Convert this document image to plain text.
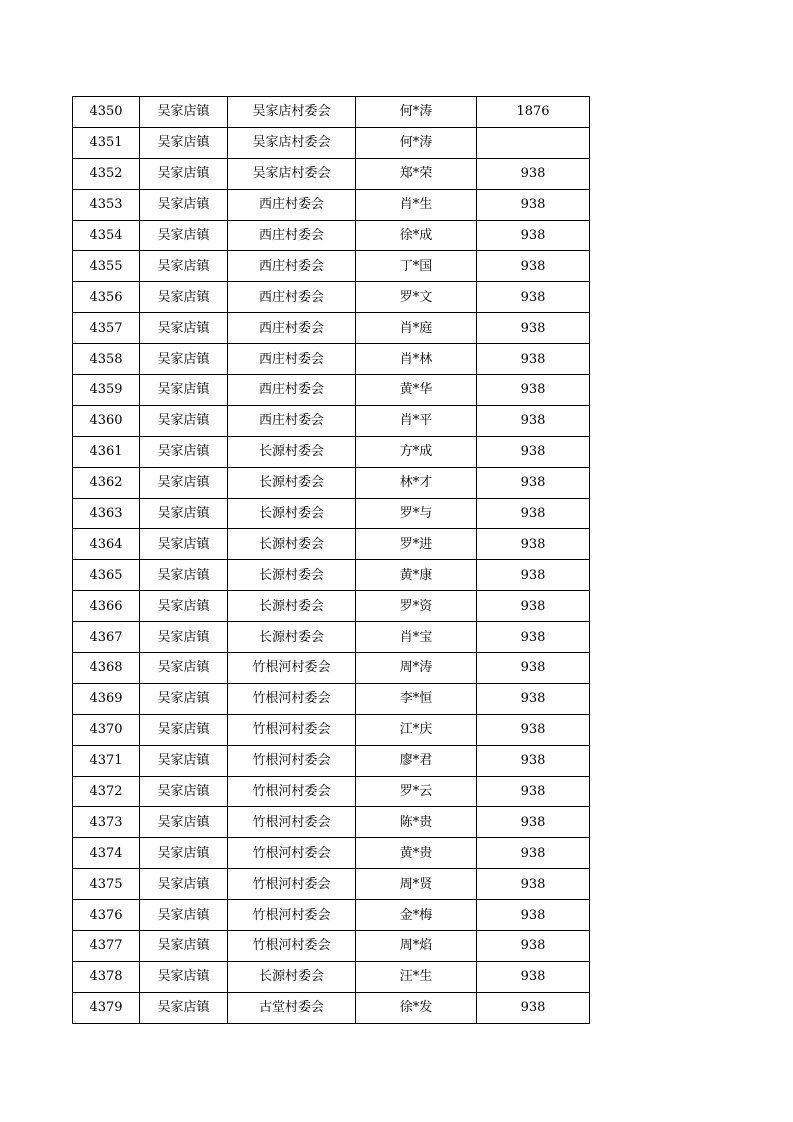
4350	吴家店镇	吴家店村委会	何*涛	1876
4351	吴家店镇	吴家店村委会	何*涛	
4352	吴家店镇	吴家店村委会	郑*荣	938
4353	吴家店镇	西庄村委会	肖*生	938
4354	吴家店镇	西庄村委会	徐*成	938
4355	吴家店镇	西庄村委会	丁*国	938
4356	吴家店镇	西庄村委会	罗*文	938
4357	吴家店镇	西庄村委会	肖*庭	938
4358	吴家店镇	西庄村委会	肖*林	938
4359	吴家店镇	西庄村委会	黄*华	938
4360	吴家店镇	西庄村委会	肖*平	938
4361	吴家店镇	长源村委会	方*成	938
4362	吴家店镇	长源村委会	林*才	938
4363	吴家店镇	长源村委会	罗*与	938
4364	吴家店镇	长源村委会	罗*进	938
4365	吴家店镇	长源村委会	黄*康	938
4366	吴家店镇	长源村委会	罗*资	938
4367	吴家店镇	长源村委会	肖*宝	938
4368	吴家店镇	竹根河村委会	周*涛	938
4369	吴家店镇	竹根河村委会	李*恒	938
4370	吴家店镇	竹根河村委会	江*庆	938
4371	吴家店镇	竹根河村委会	廖*君	938
4372	吴家店镇	竹根河村委会	罗*云	938
4373	吴家店镇	竹根河村委会	陈*贵	938
4374	吴家店镇	竹根河村委会	黄*贵	938
4375	吴家店镇	竹根河村委会	周*贤	938
4376	吴家店镇	竹根河村委会	金*梅	938
4377	吴家店镇	竹根河村委会	周*焰	938
4378	吴家店镇	长源村委会	汪*生	938
4379	吴家店镇	古堂村委会	徐*发	938
